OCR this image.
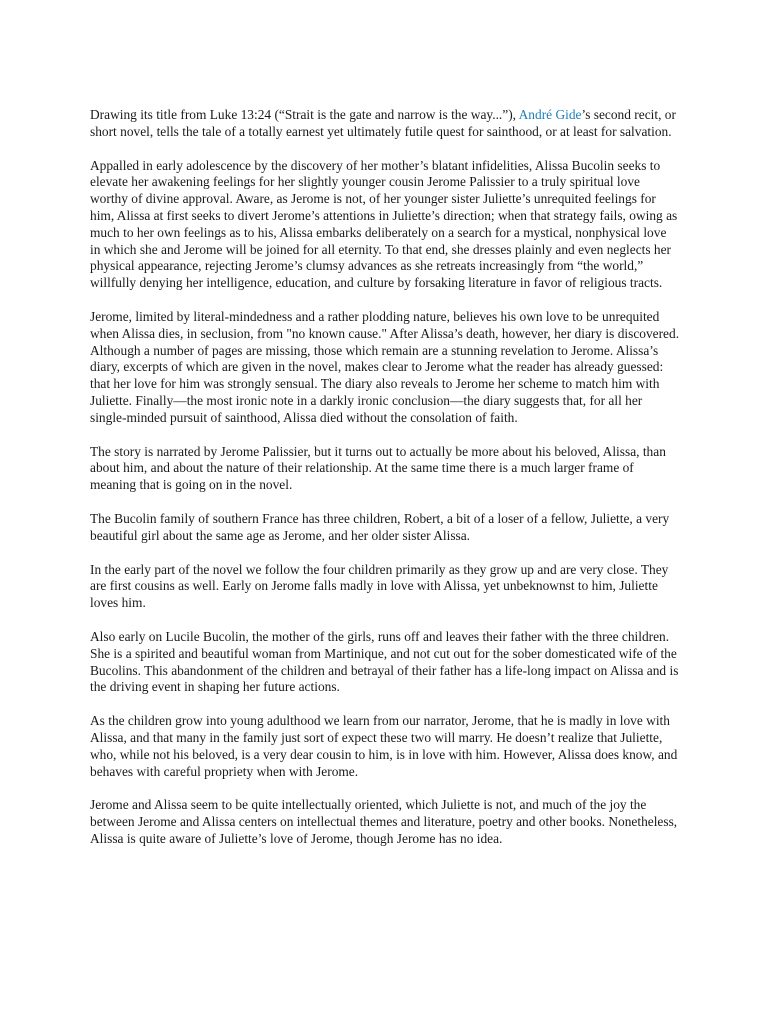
Drawing its title from Luke 13:24 (“Strait is the gate and narrow is the way...”), André Gide’s second recit, or short novel, tells the tale of a totally earnest yet ultimately futile quest for sainthood, or at least for salvation.

Appalled in early adolescence by the discovery of her mother’s blatant infidelities, Alissa Bucolin seeks to elevate her awakening feelings for her slightly younger cousin Jerome Palissier to a truly spiritual love worthy of divine approval. Aware, as Jerome is not, of her younger sister Juliette’s unrequited feelings for him, Alissa at first seeks to divert Jerome’s attentions in Juliette’s direction; when that strategy fails, owing as much to her own feelings as to his, Alissa embarks deliberately on a search for a mystical, nonphysical love in which she and Jerome will be joined for all eternity. To that end, she dresses plainly and even neglects her physical appearance, rejecting Jerome’s clumsy advances as she retreats increasingly from “the world,” willfully denying her intelligence, education, and culture by forsaking literature in favor of religious tracts.

Jerome, limited by literal-mindedness and a rather plodding nature, believes his own love to be unrequited when Alissa dies, in seclusion, from "no known cause." After Alissa’s death, however, her diary is discovered. Although a number of pages are missing, those which remain are a stunning revelation to Jerome. Alissa’s diary, excerpts of which are given in the novel, makes clear to Jerome what the reader has already guessed: that her love for him was strongly sensual. The diary also reveals to Jerome her scheme to match him with Juliette. Finally—the most ironic note in a darkly ironic conclusion—the diary suggests that, for all her single-minded pursuit of sainthood, Alissa died without the consolation of faith.

The story is narrated by Jerome Palissier, but it turns out to actually be more about his beloved, Alissa, than about him, and about the nature of their relationship. At the same time there is a much larger frame of meaning that is going on in the novel.

The Bucolin family of southern France has three children, Robert, a bit of a loser of a fellow, Juliette, a very beautiful girl about the same age as Jerome, and her older sister Alissa.

In the early part of the novel we follow the four children primarily as they grow up and are very close. They are first cousins as well. Early on Jerome falls madly in love with Alissa, yet unbeknownst to him, Juliette loves him.

Also early on Lucile Bucolin, the mother of the girls, runs off and leaves their father with the three children. She is a spirited and beautiful woman from Martinique, and not cut out for the sober domesticated wife of the Bucolins. This abandonment of the children and betrayal of their father has a life-long impact on Alissa and is the driving event in shaping her future actions.

As the children grow into young adulthood we learn from our narrator, Jerome, that he is madly in love with Alissa, and that many in the family just sort of expect these two will marry. He doesn’t realize that Juliette, who, while not his beloved, is a very dear cousin to him, is in love with him. However, Alissa does know, and behaves with careful propriety when with Jerome.

Jerome and Alissa seem to be quite intellectually oriented, which Juliette is not, and much of the joy the between Jerome and Alissa centers on intellectual themes and literature, poetry and other books. Nonetheless, Alissa is quite aware of Juliette’s love of Jerome, though Jerome has no idea.
